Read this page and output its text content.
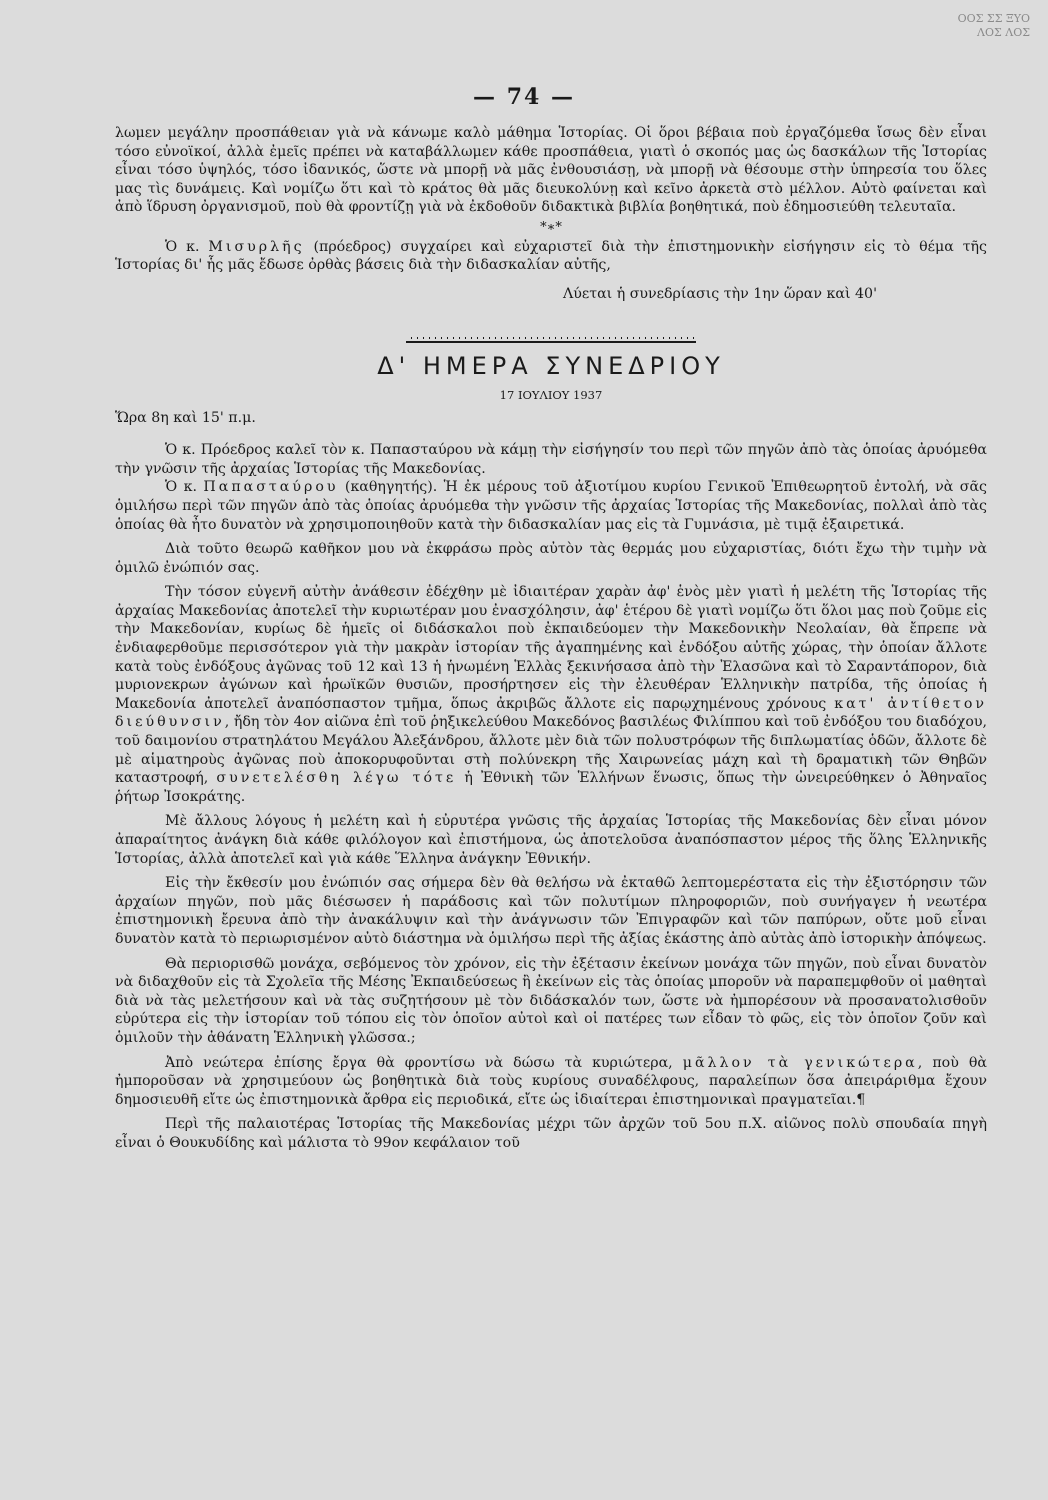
ΟΟΣ ΣΣ ΞΥΟ
ΛΟΣ ΛΟΣ
— 74 —

λωμεν μεγάλην προσπάθειαν γιὰ νὰ κάνωμε καλὸ μάθημα Ἱστορίας. Οἱ ὅροι βέβαια ποὺ ἐργαζόμεθα ἴσως δὲν εἶναι τόσο εὐνοϊκοί, ἀλλὰ ἐμεῖς πρέπει νὰ καταβάλλωμεν κάθε προσπάθεια, γιατὶ ὁ σκοπός μας ὡς δασκάλων τῆς Ἱστορίας εἶναι τόσο ὑψηλός, τόσο ἰδανικός, ὥστε νὰ μπορῇ νὰ μᾶς ἐνθουσιάσῃ, νὰ μπορῇ νὰ θέσουμε στὴν ὑπηρεσία του ὅλες μας τὶς δυνάμεις. Καὶ νομίζω ὅτι καὶ τὸ κράτος θὰ μᾶς διευκολύνῃ καὶ κεῖνο ἀρκετὰ στὸ μέλλον. Αὐτὸ φαίνεται καὶ ἀπὸ ἵδρυση ὀργανισμοῦ, ποὺ θὰ φροντίζῃ γιὰ νὰ ἐκδοθοῦν διδακτικὰ βιβλία βοηθητικά, ποὺ ἐδημοσιεύθη τελευταῖα.

*∗*

Ὁ κ. Μισυρλῆς (πρόεδρος) συγχαίρει καὶ εὐχαριστεῖ διὰ τὴν ἐπιστημονικὴν εἰσήγησιν εἰς τὸ θέμα τῆς Ἱστορίας δι' ἧς μᾶς ἔδωσε ὀρθὰς βάσεις διὰ τὴν διδασκαλίαν αὐτῆς,

Λύεται ἡ συνεδρίασις τὴν 1ην ὥραν καὶ 40'

Δ' ΗΜΕΡΑ ΣΥΝΕΔΡΙΟΥ
17 ΙΟΥΛΙΟΥ 1937

Ὥρα 8η καὶ 15' π.μ.

Ὁ κ. Πρόεδρος καλεῖ τὸν κ. Παπασταύρου νὰ κάμῃ τὴν εἰσήγησίν του περὶ τῶν πηγῶν ἀπὸ τὰς ὁποίας ἀρυόμεθα τὴν γνῶσιν τῆς ἀρχαίας Ἱστορίας τῆς Μακεδονίας.

Ὁ κ. Παπασταύρου (καθηγητής). Ἡ ἐκ μέρους τοῦ ἀξιοτίμου κυρίου Γενικοῦ Ἐπιθεωρητοῦ ἐντολή, νὰ σᾶς ὁμιλήσω περὶ τῶν πηγῶν ἀπὸ τὰς ὁποίας ἀρυόμεθα τὴν γνῶσιν τῆς ἀρχαίας Ἱστορίας τῆς Μακεδονίας, πολλαὶ ἀπὸ τὰς ὁποίας θὰ ἦτο δυνατὸν νὰ χρησιμοποιηθοῦν κατὰ τὴν διδασκαλίαν μας εἰς τὰ Γυμνάσια, μὲ τιμᾷ ἐξαιρετικά.

Διὰ τοῦτο θεωρῶ καθῆκον μου νὰ ἐκφράσω πρὸς αὐτὸν τὰς θερμάς μου εὐχαριστίας, διότι ἔχω τὴν τιμὴν νὰ ὁμιλῶ ἐνώπιόν σας.

Τὴν τόσον εὐγενῆ αὐτὴν ἀνάθεσιν ἐδέχθην μὲ ἰδιαιτέραν χαρὰν ἀφ' ἑνὸς μὲν γιατὶ ἡ μελέτη τῆς Ἱστορίας τῆς ἀρχαίας Μακεδονίας ἀποτελεῖ τὴν κυριωτέραν μου ἐνασχόλησιν, ἀφ' ἑτέρου δὲ γιατὶ νομίζω ὅτι ὅλοι μας ποὺ ζοῦμε εἰς τὴν Μακεδονίαν, κυρίως δὲ ἡμεῖς οἱ διδάσκαλοι ποὺ ἐκπαιδεύομεν τὴν Μακεδονικὴν Νεολαίαν, θὰ ἔπρεπε νὰ ἐνδιαφερθοῦμε περισσότερον γιὰ τὴν μακρὰν ἱστορίαν τῆς ἀγαπημένης καὶ ἐνδόξου αὐτῆς χώρας, τὴν ὁποίαν ἄλλοτε κατὰ τοὺς ἐνδόξους ἀγῶνας τοῦ 12 καὶ 13 ἡ ἡνωμένη Ἑλλὰς ξεκινήσασα ἀπὸ τὴν Ἐλασῶνα καὶ τὸ Σαραντάπορον, διὰ μυριονεκρων ἀγώνων καὶ ἡρωϊκῶν θυσιῶν, προσήρτησεν εἰς τὴν ἐλευθέραν Ἑλληνικὴν πατρίδα, τῆς ὁποίας ἡ Μακεδονία ἀποτελεῖ ἀναπόσπαστον τμῆμα, ὅπως ἀκριβῶς ἄλλοτε εἰς παρῳχημένους χρόνους κατ' ἀντίθετον διεύθυνσιν, ἤδη τὸν 4ον αἰῶνα ἐπὶ τοῦ ῥηξικελεύθου Μακεδόνος βασιλέως Φιλίππου καὶ τοῦ ἐνδόξου του διαδόχου, τοῦ δαιμονίου στρατηλάτου Μεγάλου Ἀλεξάνδρου, ἄλλοτε μὲν διὰ τῶν πολυστρόφων τῆς διπλωματίας ὁδῶν, ἄλλοτε δὲ μὲ αἱματηροὺς ἀγῶνας ποὺ ἀποκορυφοῦνται στὴ πολύνεκρη τῆς Χαιρωνείας μάχη καὶ τὴ δραματικὴ τῶν Θηβῶν καταστροφή, συνετελέσθη λέγω τότε ἡ Ἐθνικὴ τῶν Ἑλλήνων ἕνωσις, ὅπως τὴν ὠνειρεύθηκεν ὁ Ἀθηναῖος ῥήτωρ Ἰσοκράτης.

Μὲ ἄλλους λόγους ἡ μελέτη καὶ ἡ εὐρυτέρα γνῶσις τῆς ἀρχαίας Ἱστορίας τῆς Μακεδονίας δὲν εἶναι μόνον ἀπαραίτητος ἀνάγκη διὰ κάθε φιλόλογον καὶ ἐπιστήμονα, ὡς ἀποτελοῦσα ἀναπόσπαστον μέρος τῆς ὅλης Ἑλληνικῆς Ἱστορίας, ἀλλὰ ἀποτελεῖ καὶ γιὰ κάθε Ἕλληνα ἀνάγκην Ἐθνικήν.

Εἰς τὴν ἔκθεσίν μου ἐνώπιόν σας σήμερα δὲν θὰ θελήσω νὰ ἐκταθῶ λεπτομερέστατα εἰς τὴν ἐξιστόρησιν τῶν ἀρχαίων πηγῶν, ποὺ μᾶς διέσωσεν ἡ παράδοσις καὶ τῶν πολυτίμων πληροφοριῶν, ποὺ συνήγαγεν ἡ νεωτέρα ἐπιστημονικὴ ἔρευνα ἀπὸ τὴν ἀνακάλυψιν καὶ τὴν ἀνάγνωσιν τῶν Ἐπιγραφῶν καὶ τῶν παπύρων, οὔτε μοῦ εἶναι δυνατὸν κατὰ τὸ περιωρισμένον αὐτὸ διάστημα νὰ ὁμιλήσω περὶ τῆς ἀξίας ἑκάστης ἀπὸ αὐτὰς ἀπὸ ἱστορικὴν ἀπόψεως.

Θὰ περιορισθῶ μονάχα, σεβόμενος τὸν χρόνον, εἰς τὴν ἐξέτασιν ἐκείνων μονάχα τῶν πηγῶν, ποὺ εἶναι δυνατὸν νὰ διδαχθοῦν εἰς τὰ Σχολεῖα τῆς Μέσης Ἐκπαιδεύσεως ἢ ἐκείνων εἰς τὰς ὁποίας μποροῦν νὰ παραπεμφθοῦν οἱ μαθηταὶ διὰ νὰ τὰς μελετήσουν καὶ νὰ τὰς συζητήσουν μὲ τὸν διδάσκαλόν των, ὥστε νὰ ἠμπορέσουν νὰ προσανατολισθοῦν εὐρύτερα εἰς τὴν ἱστορίαν τοῦ τόπου εἰς τὸν ὁποῖον αὐτοὶ καὶ οἱ πατέρες των εἶδαν τὸ φῶς, εἰς τὸν ὁποῖον ζοῦν καὶ ὁμιλοῦν τὴν ἀθάνατη Ἑλληνικὴ γλῶσσα.;

Ἀπὸ νεώτερα ἐπίσης ἔργα θὰ φροντίσω νὰ δώσω τὰ κυριώτερα, μᾶλλον τὰ γενικώτερα, ποὺ θὰ ἠμποροῦσαν νὰ χρησιμεύουν ὡς βοηθητικὰ διὰ τοὺς κυρίους συναδέλφους, παραλείπων ὅσα ἀπειράριθμα ἔχουν δημοσιευθῆ εἴτε ὡς ἐπιστημονικὰ ἄρθρα εἰς περιοδικά, εἴτε ὡς ἰδιαίτεραι ἐπιστημονικαὶ πραγματεῖαι.¶

Περὶ τῆς παλαιοτέρας Ἱστορίας τῆς Μακεδονίας μέχρι τῶν ἀρχῶν τοῦ 5ου π.Χ. αἰῶνος πολὺ σπουδαία πηγὴ εἶναι ὁ Θουκυδίδης καὶ μάλιστα τὸ 99ον κεφάλαιον τοῦ
